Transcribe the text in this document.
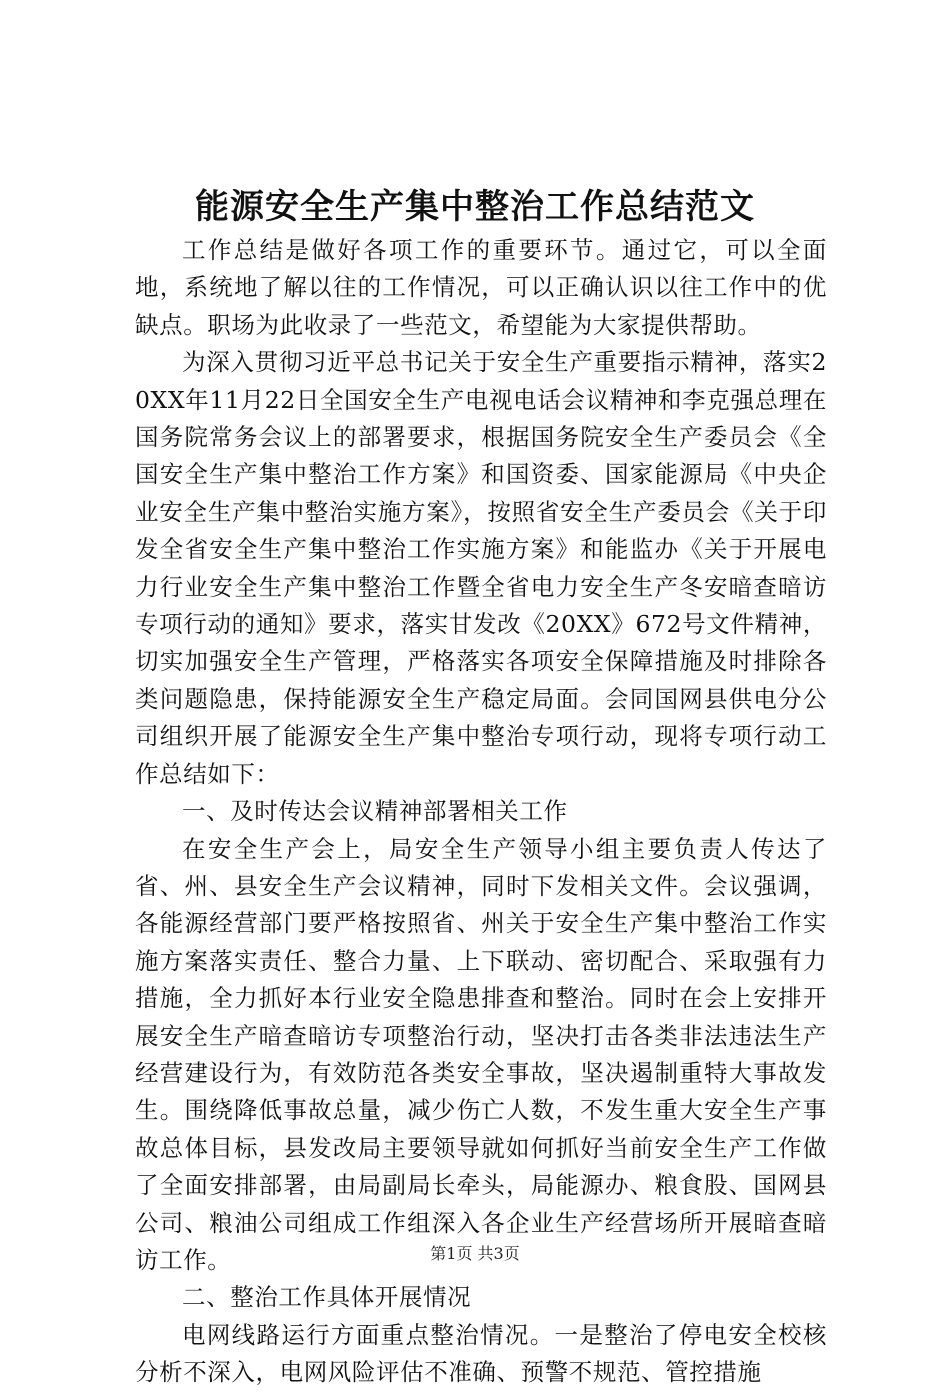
能源安全生产集中整治工作总结范文

工作总结是做好各项工作的重要环节。通过它，可以全面地，系统地了解以往的工作情况，可以正确认识以往工作中的优缺点。职场为此收录了一些范文，希望能为大家提供帮助。

为深入贯彻习近平总书记关于安全生产重要指示精神，落实20XX年11月22日全国安全生产电视电话会议精神和李克强总理在国务院常务会议上的部署要求，根据国务院安全生产委员会《全国安全生产集中整治工作方案》和国资委、国家能源局《中央企业安全生产集中整治实施方案》，按照省安全生产委员会《关于印发全省安全生产集中整治工作实施方案》和能监办《关于开展电力行业安全生产集中整治工作暨全省电力安全生产冬安暗查暗访专项行动的通知》要求，落实甘发改《20XX》672号文件精神，切实加强安全生产管理，严格落实各项安全保障措施及时排除各类问题隐患，保持能源安全生产稳定局面。会同国网县供电分公司组织开展了能源安全生产集中整治专项行动，现将专项行动工作总结如下：

一、及时传达会议精神部署相关工作

在安全生产会上，局安全生产领导小组主要负责人传达了省、州、县安全生产会议精神，同时下发相关文件。会议强调，各能源经营部门要严格按照省、州关于安全生产集中整治工作实施方案落实责任、整合力量、上下联动、密切配合、采取强有力措施，全力抓好本行业安全隐患排查和整治。同时在会上安排开展安全生产暗查暗访专项整治行动，坚决打击各类非法违法生产经营建设行为，有效防范各类安全事故，坚决遏制重特大事故发生。围绕降低事故总量，减少伤亡人数，不发生重大安全生产事故总体目标，县发改局主要领导就如何抓好当前安全生产工作做了全面安排部署，由局副局长牵头，局能源办、粮食股、国网县公司、粮油公司组成工作组深入各企业生产经营场所开展暗查暗访工作。

二、整治工作具体开展情况

电网线路运行方面重点整治情况。一是整治了停电安全校核分析不深入，电网风险评估不准确、预警不规范、管控措施

第1页 共3页
